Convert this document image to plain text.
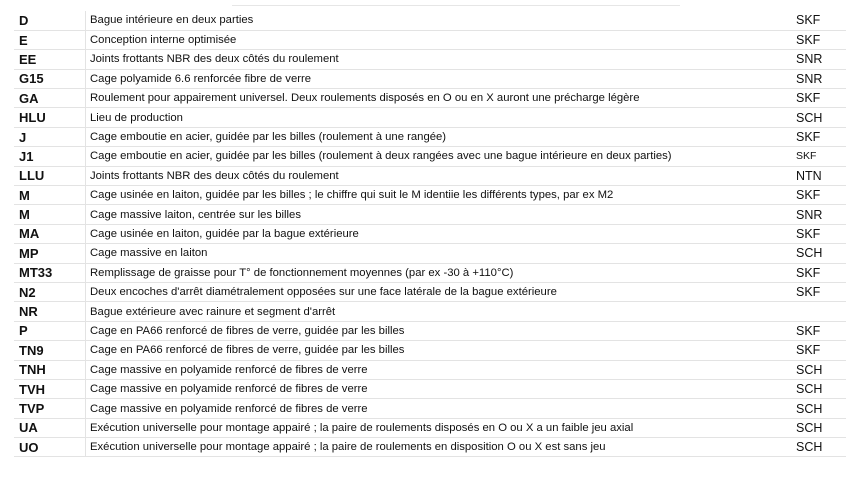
D	Bague intérieure en deux parties	SKF
E	Conception interne optimisée	SKF
EE	Joints frottants NBR des deux côtés du roulement	SNR
G15	Cage polyamide 6.6 renforcée fibre de verre	SNR
GA	Roulement pour appairement universel. Deux roulements disposés en O ou en X auront une précharge légère	SKF
HLU	Lieu de production	SCH
J	Cage emboutie en acier, guidée par les billes (roulement à une rangée)	SKF
J1	Cage emboutie en acier, guidée par les billes (roulement à deux rangées avec une bague intérieure en deux parties)	SKF
LLU	Joints frottants NBR des deux côtés du roulement	NTN
M	Cage usinée en laiton, guidée par les billes ; le chiffre qui suit le M identiie les différents types, par ex M2	SKF
M	Cage massive laiton, centrée sur les billes	SNR
MA	Cage usinée en laiton, guidée par la bague extérieure	SKF
MP	Cage massive en laiton	SCH
MT33	Remplissage de graisse pour T° de fonctionnement moyennes (par ex -30 à +110°C)	SKF
N2	Deux encoches d'arrêt diamétralement opposées sur une face latérale de la bague extérieure	SKF
NR	Bague extérieure avec rainure et segment d'arrêt	
P	Cage en PA66 renforcé de fibres de verre, guidée par les billes	SKF
TN9	Cage en PA66 renforcé de fibres de verre, guidée par les billes	SKF
TNH	Cage massive en polyamide renforcé de fibres de verre	SCH
TVH	Cage massive en polyamide renforcé de fibres de verre	SCH
TVP	Cage massive en polyamide renforcé de fibres de verre	SCH
UA	Exécution universelle pour montage appairé ; la paire de roulements disposés en O ou X a un faible jeu axial	SCH
UO	Exécution universelle pour montage appairé ; la paire de roulements en disposition O ou X est sans jeu	SCH
